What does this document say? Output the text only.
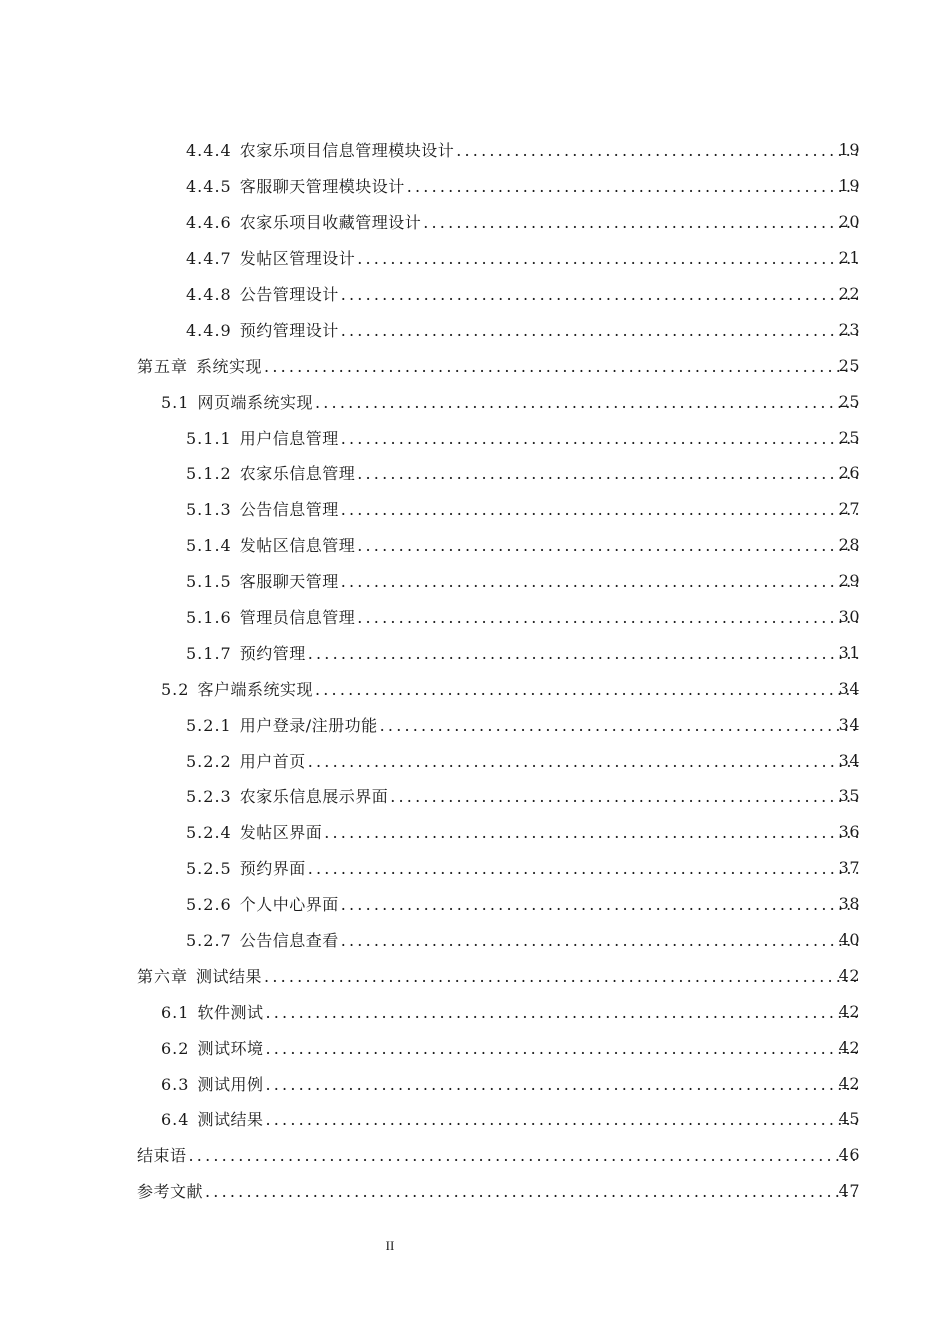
4.4.4 农家乐项目信息管理模块设计 .....	19
4.4.5 客服聊天管理模块设计 .....	19
4.4.6 农家乐项目收藏管理设计 .....	20
4.4.7 发帖区管理设计 .....	21
4.4.8 公告管理设计 .....	22
4.4.9 预约管理设计 .....	23
第五章 系统实现 .....	25
5.1 网页端系统实现 .....	25
5.1.1 用户信息管理 .....	25
5.1.2 农家乐信息管理 .....	26
5.1.3 公告信息管理 .....	27
5.1.4 发帖区信息管理 .....	28
5.1.5 客服聊天管理 .....	29
5.1.6 管理员信息管理 .....	30
5.1.7 预约管理 .....	31
5.2 客户端系统实现 .....	34
5.2.1 用户登录/注册功能 .....	34
5.2.2 用户首页 .....	34
5.2.3 农家乐信息展示界面 .....	35
5.2.4 发帖区界面 .....	36
5.2.5 预约界面 .....	37
5.2.6 个人中心界面 .....	38
5.2.7 公告信息查看 .....	40
第六章 测试结果 .....	42
6.1 软件测试 .....	42
6.2 测试环境 .....	42
6.3 测试用例 .....	42
6.4 测试结果 .....	45
结束语 .....	46
参考文献 .....	47
II
